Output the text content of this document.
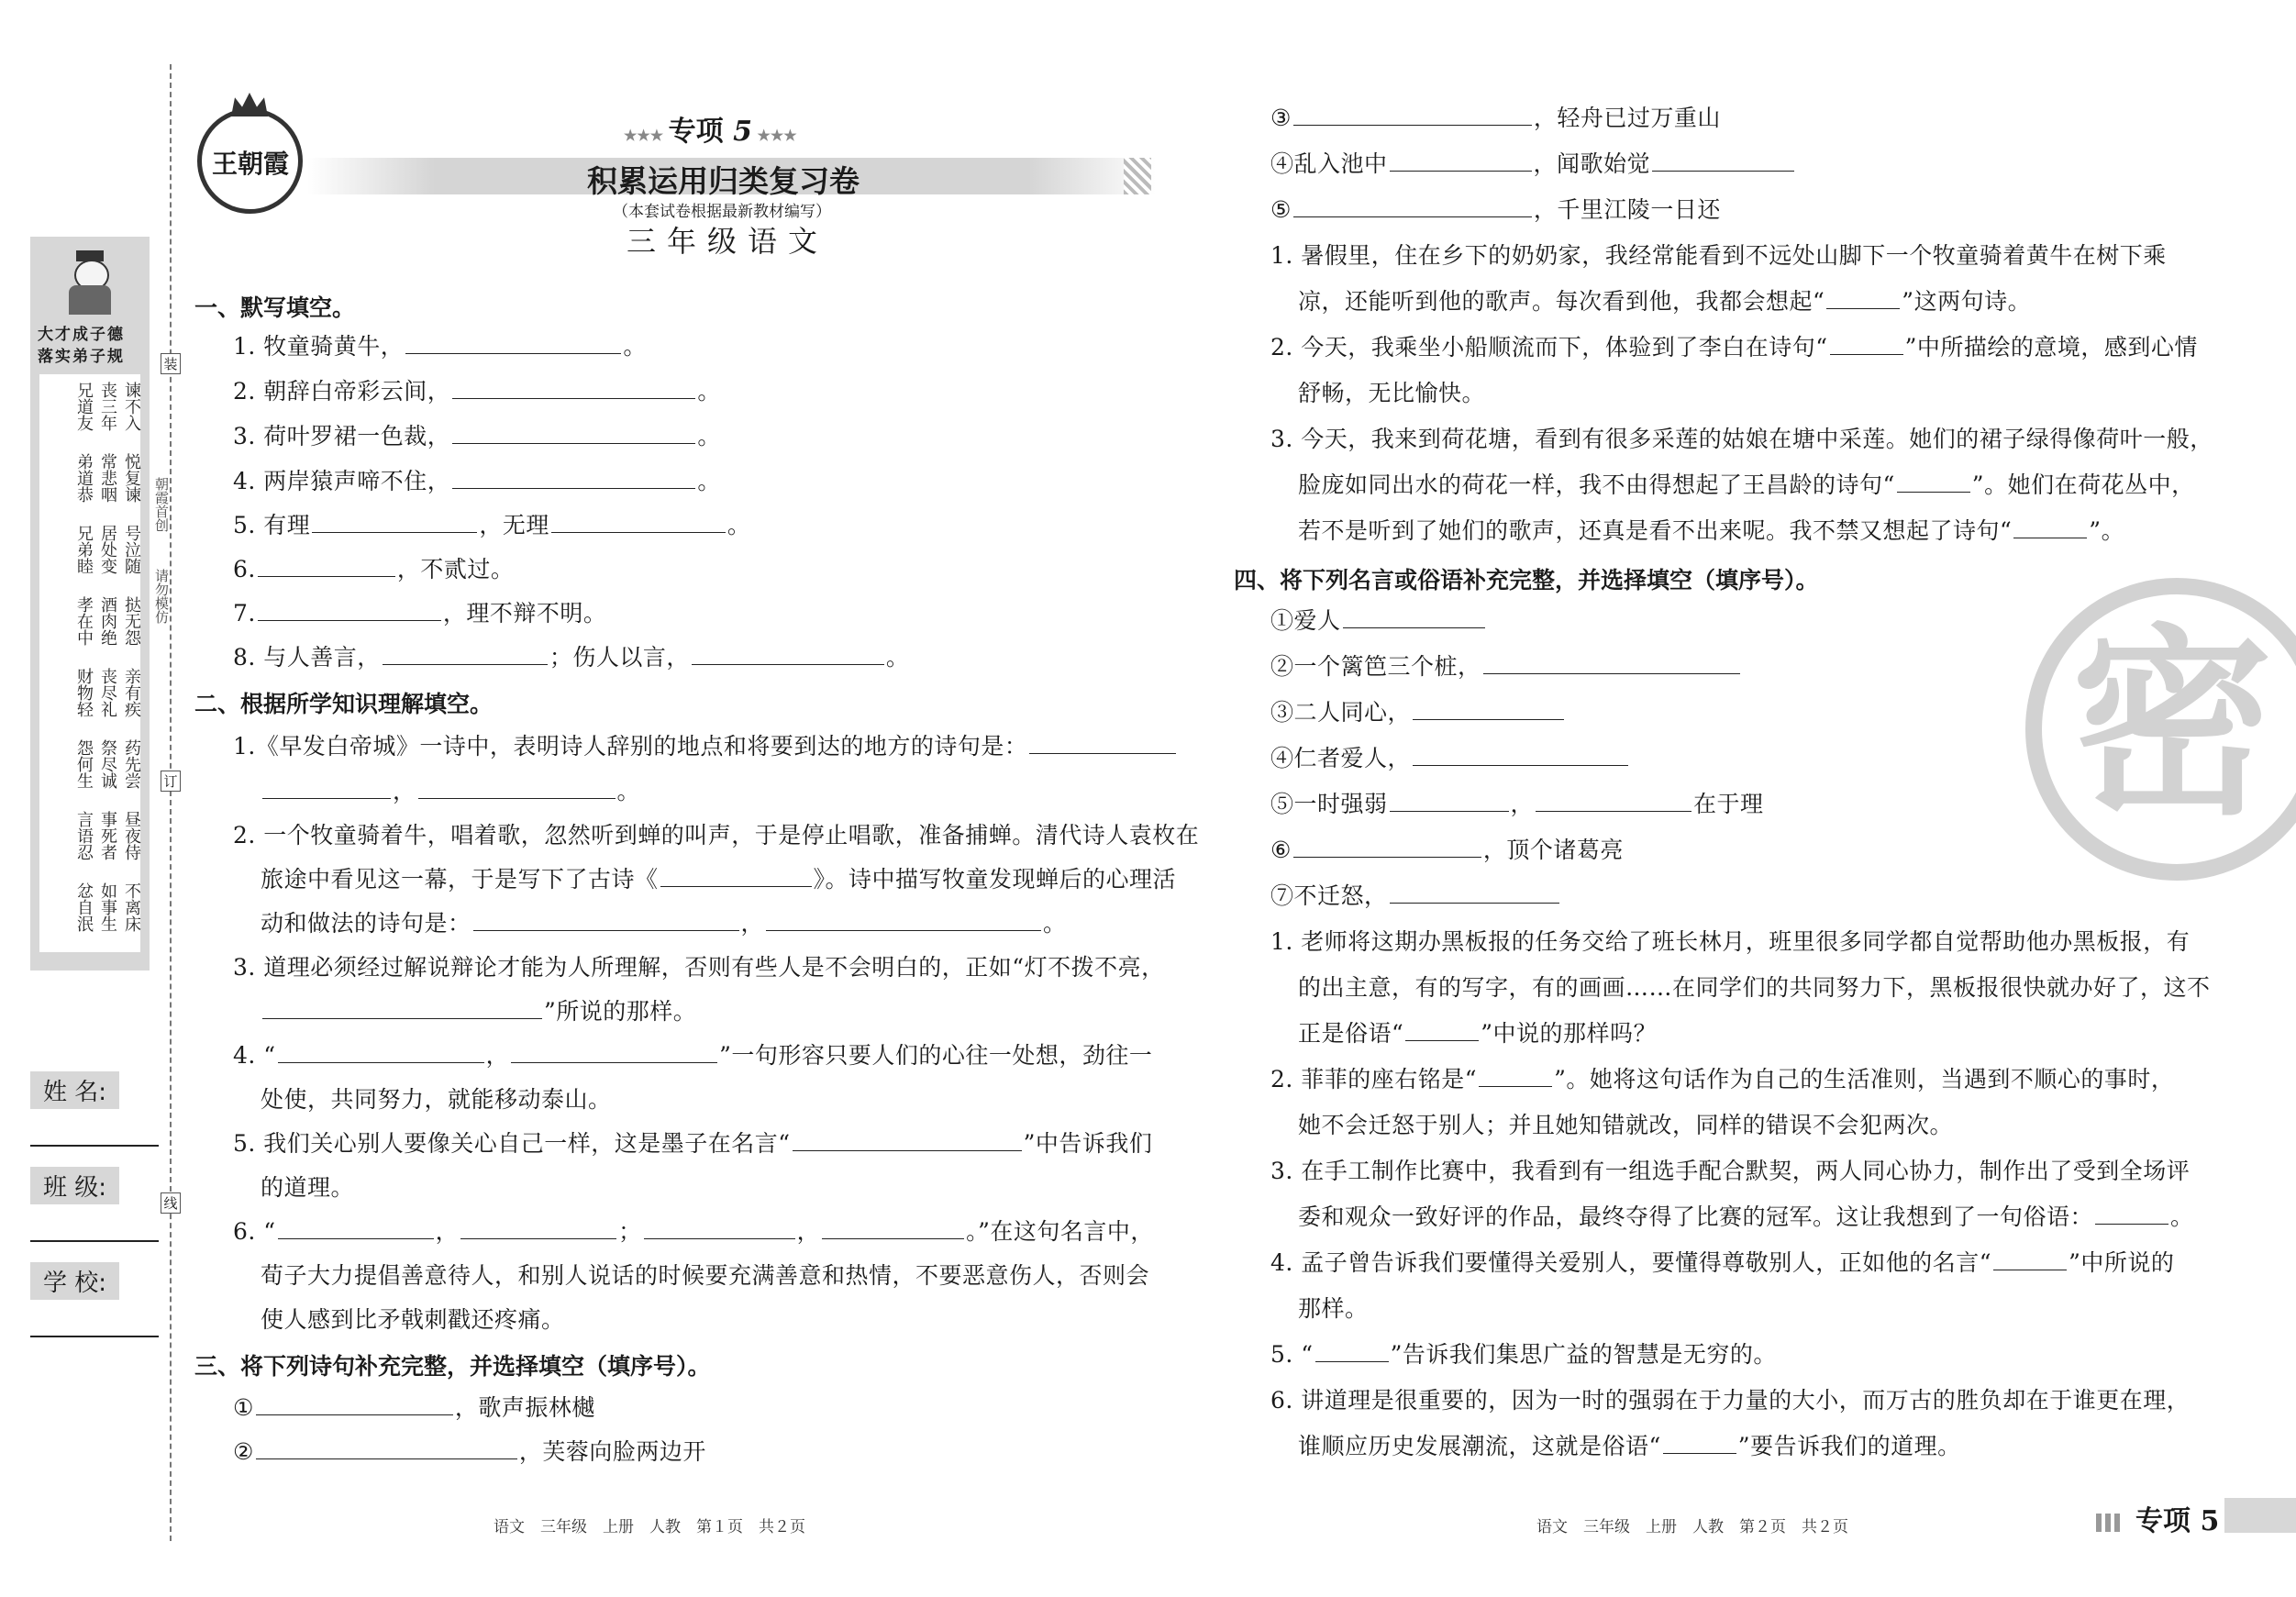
王朝霞
★★★ 专项 5 ★★★
积累运用归类复习卷
（本套试卷根据最新教材编写）
三年级语文
大才成子德
落实弟子规
谏不入
丧三年
兄道友
悦复谏
常悲咽
弟道恭
号泣随
居处变
兄弟睦
挞无怨
酒肉绝
孝在中
亲有疾
丧尽礼
财物轻
药先尝
祭尽诚
怨何生
昼夜侍
事死者
言语忍
不离床
如事生
忿自泯
朝霞首创
请勿模仿
装
订
线
姓 名:
班 级:
学 校:
一、默写填空。
1. 牧童骑黄牛，	。
2. 朝辞白帝彩云间，	。
3. 荷叶罗裙一色裁，	。
4. 两岸猿声啼不住，	。
5. 有理	，无理	。
6.	，不贰过。
7.	，理不辩不明。
8. 与人善言，	；伤人以言，	。
二、根据所学知识理解填空。
1.《早发白帝城》一诗中，表明诗人辞别的地点和将要到达的地方的诗句是：
，	。
2. 一个牧童骑着牛，唱着歌，忽然听到蝉的叫声，于是停止唱歌，准备捕蝉。清代诗人袁枚在
旅途中看见这一幕，于是写下了古诗《	》。诗中描写牧童发现蝉后的心理活
动和做法的诗句是：	，	。
3. 道理必须经过解说辩论才能为人所理解，否则有些人是不会明白的，正如“灯不拨不亮，
”所说的那样。
4. “	，	”一句形容只要人们的心往一处想，劲往一
处使，共同努力，就能移动泰山。
5. 我们关心别人要像关心自己一样，这是墨子在名言“	”中告诉我们
的道理。
6. “	，	；	，	。”在这句名言中，
荀子大力提倡善意待人，和别人说话的时候要充满善意和热情，不要恶意伤人，否则会
使人感到比矛戟刺戳还疼痛。
三、将下列诗句补充完整，并选择填空（填序号）。
①	，歌声振林樾
②	，芙蓉向脸两边开
语文　三年级　上册　人教　第１页　共２页
③	，轻舟已过万重山
④乱入池中	，闻歌始觉
⑤	，千里江陵一日还
1. 暑假里，住在乡下的奶奶家，我经常能看到不远处山脚下一个牧童骑着黄牛在树下乘
凉，还能听到他的歌声。每次看到他，我都会想起“	”这两句诗。
2. 今天，我乘坐小船顺流而下，体验到了李白在诗句“	”中所描绘的意境，感到心情
舒畅，无比愉快。
3. 今天，我来到荷花塘，看到有很多采莲的姑娘在塘中采莲。她们的裙子绿得像荷叶一般，
脸庞如同出水的荷花一样，我不由得想起了王昌龄的诗句“	”。她们在荷花丛中，
若不是听到了她们的歌声，还真是看不出来呢。我不禁又想起了诗句“	”。
四、将下列名言或俗语补充完整，并选择填空（填序号）。
①爱人
②一个篱笆三个桩，
③二人同心，
④仁者爱人，
⑤一时强弱	，	在于理
⑥	，顶个诸葛亮
⑦不迁怒，
1. 老师将这期办黑板报的任务交给了班长林月，班里很多同学都自觉帮助他办黑板报，有
的出主意，有的写字，有的画画……在同学们的共同努力下，黑板报很快就办好了，这不
正是俗语“	”中说的那样吗？
2. 菲菲的座右铭是“	”。她将这句话作为自己的生活准则，当遇到不顺心的事时，
她不会迁怒于别人；并且她知错就改，同样的错误不会犯两次。
3. 在手工制作比赛中，我看到有一组选手配合默契，两人同心协力，制作出了受到全场评
委和观众一致好评的作品，最终夺得了比赛的冠军。这让我想到了一句俗语：	。
4. 孟子曾告诉我们要懂得关爱别人，要懂得尊敬别人，正如他的名言“	”中所说的
那样。
5. “	”告诉我们集思广益的智慧是无穷的。
6. 讲道理是很重要的，因为一时的强弱在于力量的大小，而万古的胜负却在于谁更在理，
谁顺应历史发展潮流，这就是俗语“	”要告诉我们的道理。
密
语文　三年级　上册　人教　第２页　共２页	专项 5
